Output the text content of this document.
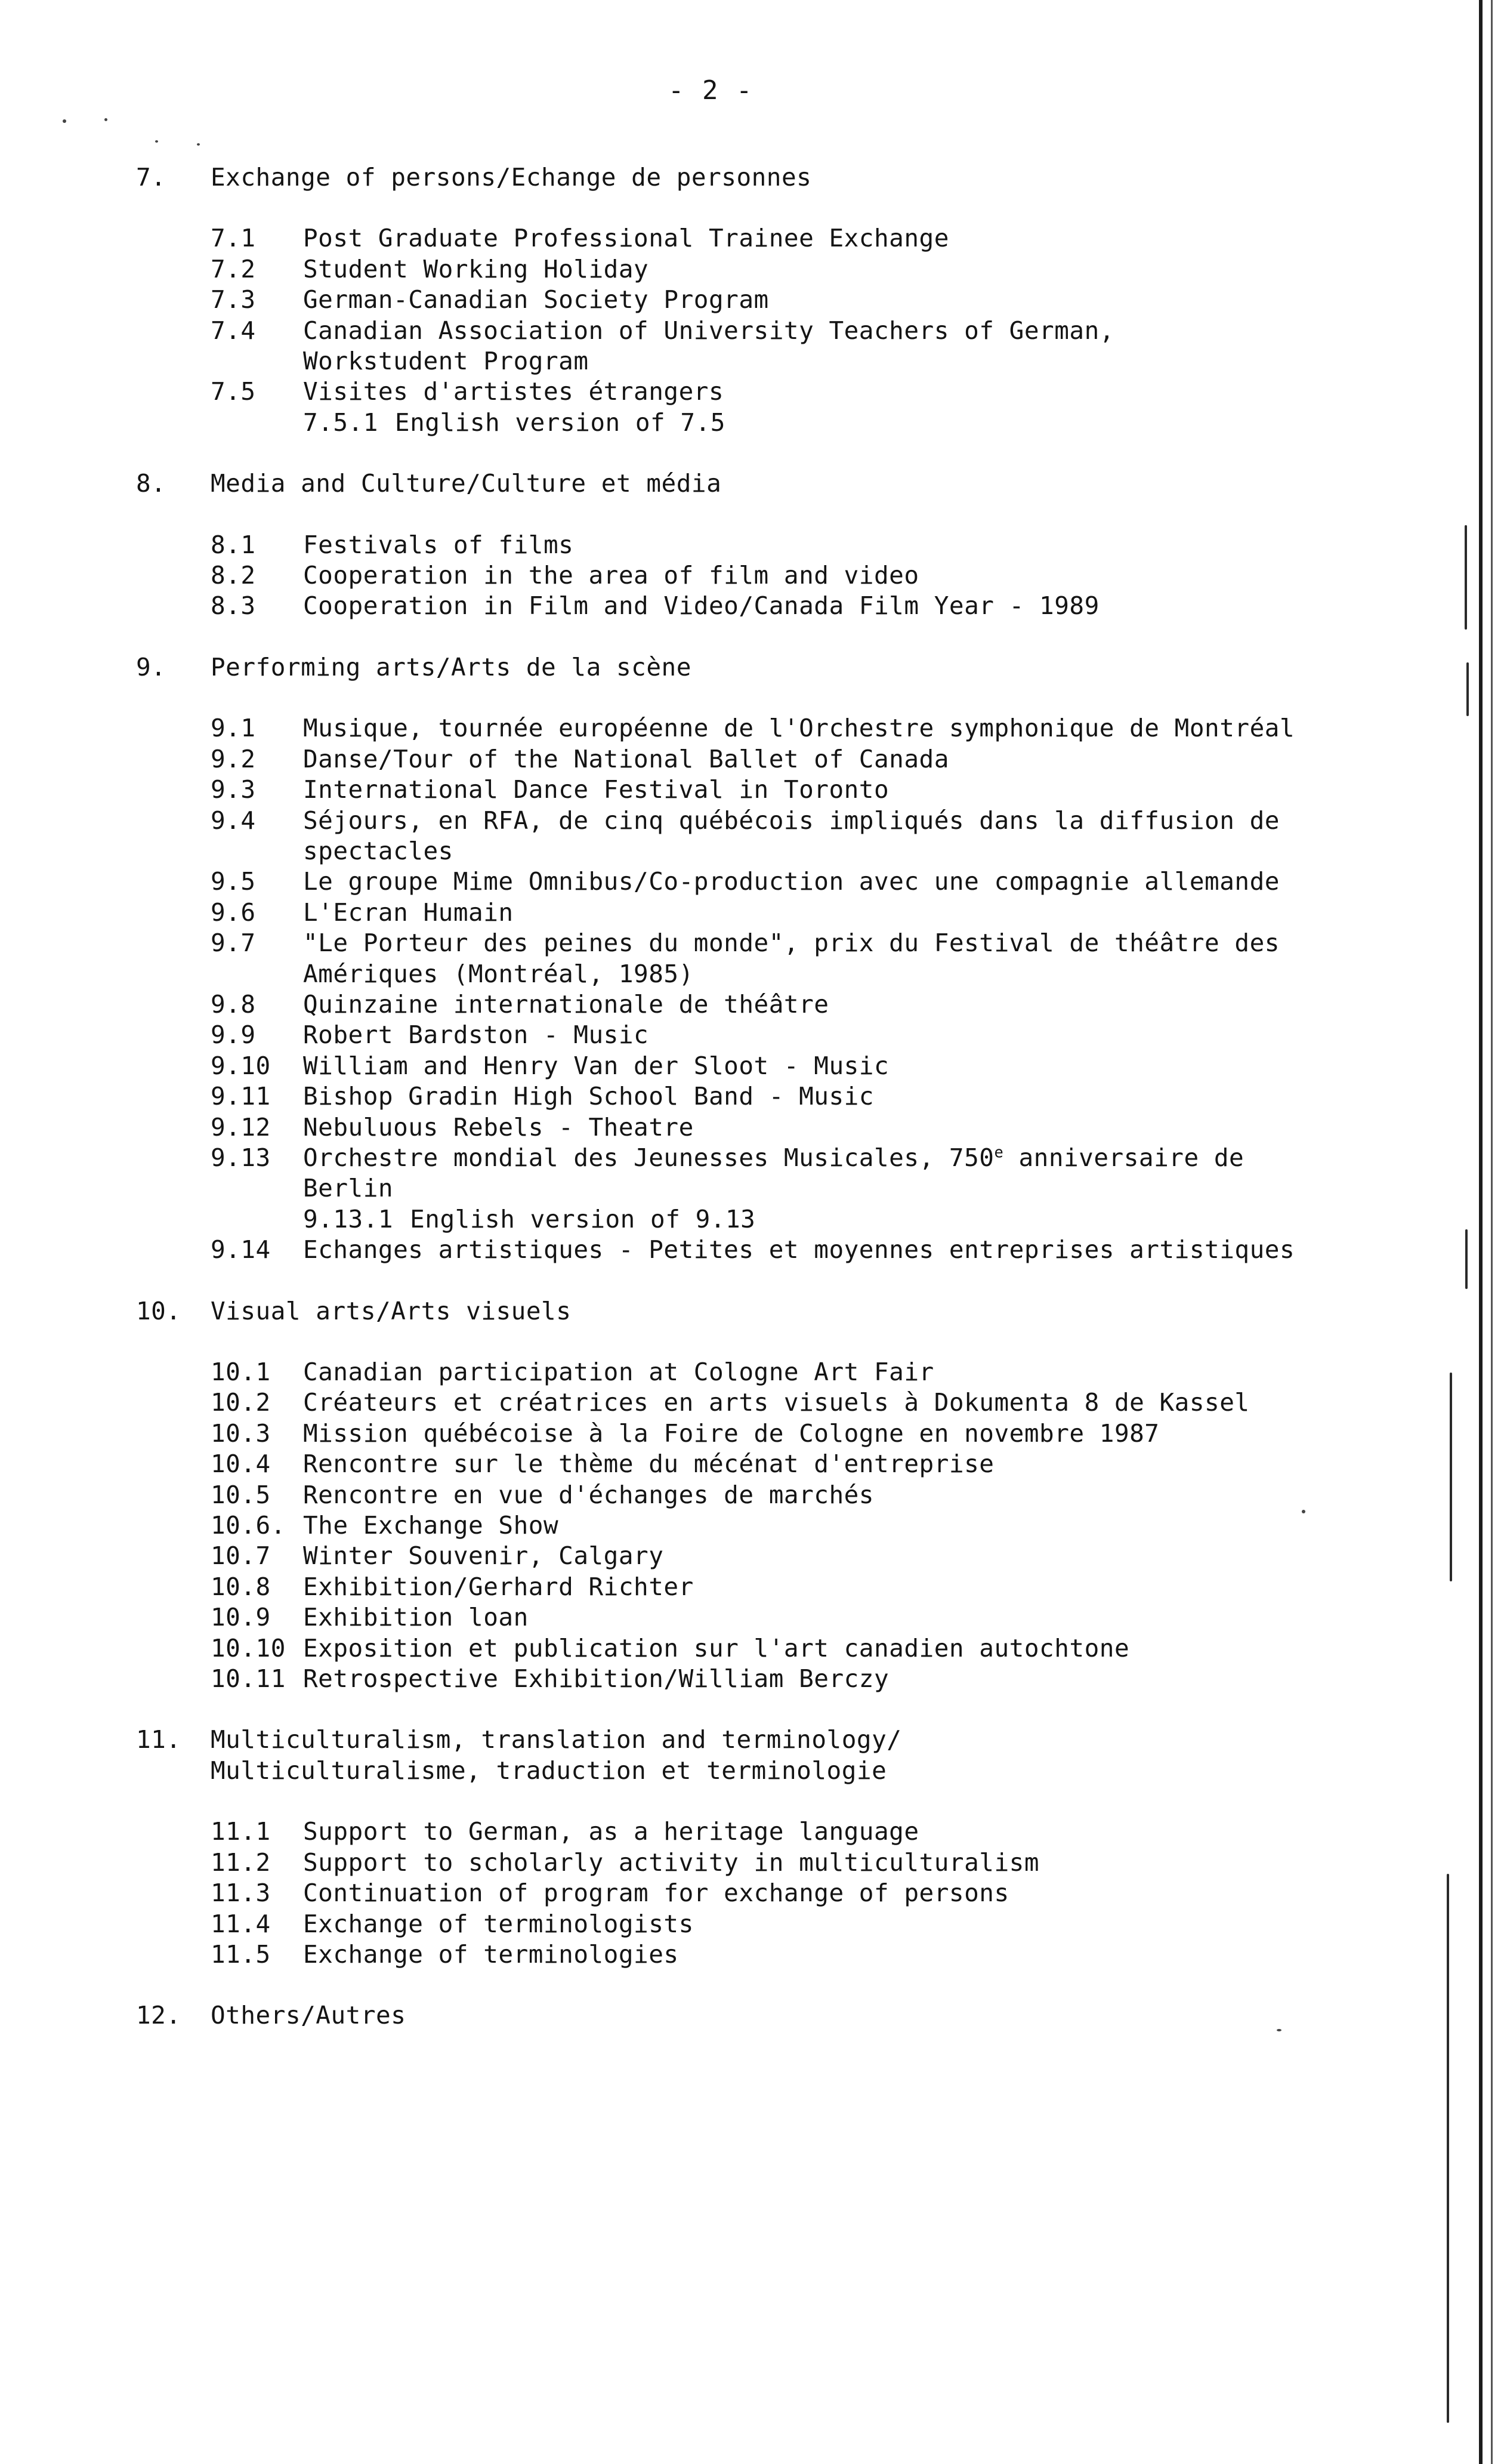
- 2 -
7.	Exchange of persons/Echange de personnes
7.1	Post Graduate Professional Trainee Exchange
7.2	Student Working Holiday
7.3	German-Canadian Society Program
7.4	Canadian Association of University Teachers of German,
Workstudent Program
7.5	Visites d'artistes étrangers
7.5.1 English version of 7.5
8.	Media and Culture/Culture et média
8.1	Festivals of films
8.2	Cooperation in the area of film and video
8.3	Cooperation in Film and Video/Canada Film Year - 1989
9.	Performing arts/Arts de la scène
9.1	Musique, tournée européenne de l'Orchestre symphonique de Montréal
9.2	Danse/Tour of the National Ballet of Canada
9.3	International Dance Festival in Toronto
9.4	Séjours, en RFA, de cinq québécois impliqués dans la diffusion de
spectacles
9.5	Le groupe Mime Omnibus/Co-production avec une compagnie allemande
9.6	L'Ecran Humain
9.7	"Le Porteur des peines du monde", prix du Festival de théâtre des
Amériques (Montréal, 1985)
9.8	Quinzaine internationale de théâtre
9.9	Robert Bardston - Music
9.10	William and Henry Van der Sloot - Music
9.11	Bishop Gradin High School Band - Music
9.12	Nebuluous Rebels - Theatre
9.13	Orchestre mondial des Jeunesses Musicales, 750e anniversaire de
Berlin
9.13.1 English version of 9.13
9.14	Echanges artistiques - Petites et moyennes entreprises artistiques
10.	Visual arts/Arts visuels
10.1	Canadian participation at Cologne Art Fair
10.2	Créateurs et créatrices en arts visuels à Dokumenta 8 de Kassel
10.3	Mission québécoise à la Foire de Cologne en novembre 1987
10.4	Rencontre sur le thème du mécénat d'entreprise
10.5	Rencontre en vue d'échanges de marchés
10.6. The Exchange Show
10.7	Winter Souvenir, Calgary
10.8	Exhibition/Gerhard Richter
10.9	Exhibition loan
10.10 Exposition et publication sur l'art canadien autochtone
10.11 Retrospective Exhibition/William Berczy
11.	Multiculturalism, translation and terminology/
Multiculturalisme, traduction et terminologie
11.1	Support to German, as a heritage language
11.2	Support to scholarly activity in multiculturalism
11.3	Continuation of program for exchange of persons
11.4	Exchange of terminologists
11.5	Exchange of terminologies
12.	Others/Autres
